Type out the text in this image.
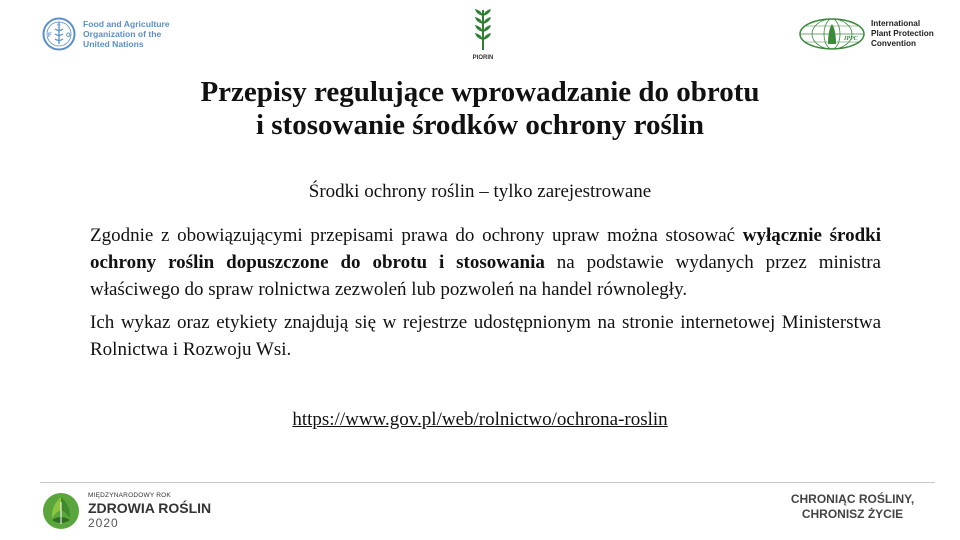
F
A
O
Food and Agriculture
Organization of the
United Nations
PIORIN
IPPC
International
Plant Protection
Convention
Przepisy regulujące wprowadzanie do obrotu
i stosowanie środków ochrony roślin
Środki ochrony roślin – tylko zarejestrowane

Zgodnie z obowiązującymi przepisami prawa do ochrony upraw można stosować wyłącznie środki ochrony roślin dopuszczone do obrotu i stosowania na podstawie wydanych przez ministra właściwego do spraw rolnictwa zezwoleń lub pozwoleń na handel równoległy.

Ich wykaz oraz etykiety znajdują się w rejestrze udostępnionym na stronie internetowej Ministerstwa Rolnictwa i Rozwoju Wsi.

https://www.gov.pl/web/rolnictwo/ochrona-roslin
MIĘDZYNARODOWY ROK
ZDROWIA ROŚLIN
2020
CHRONIĄC ROŚLINY,
CHRONISZ ŻYCIE
